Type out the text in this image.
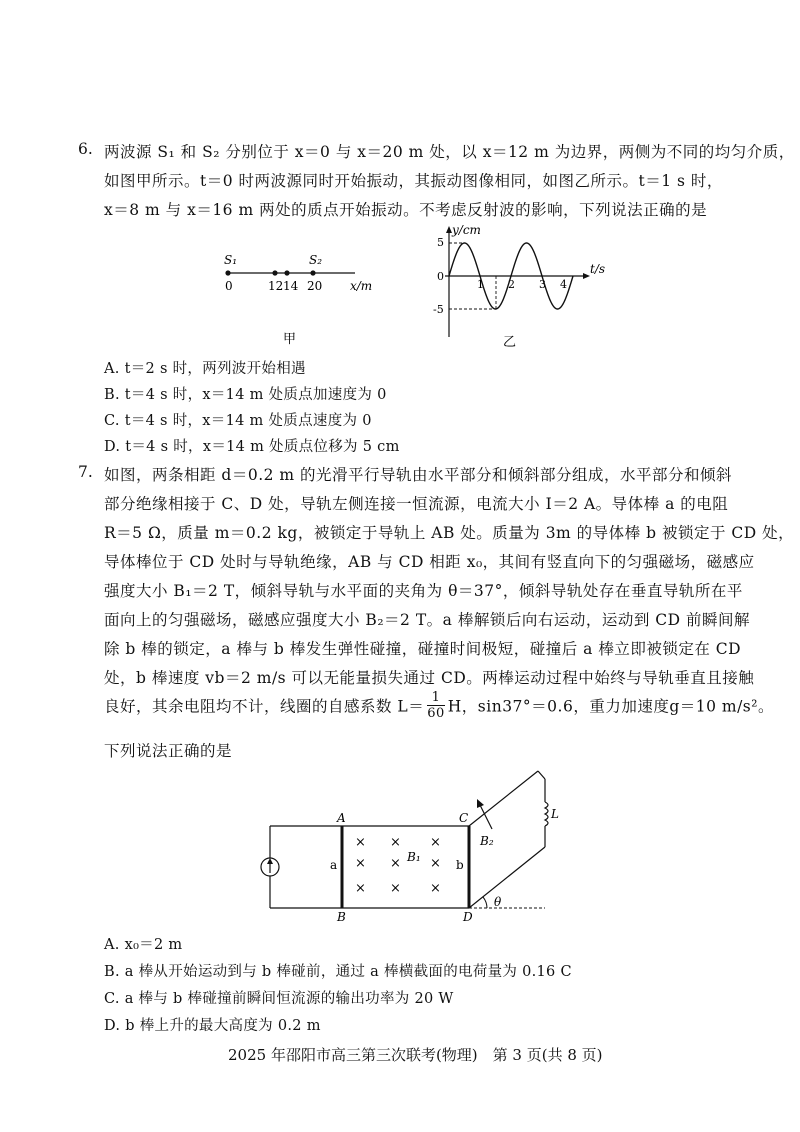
6. 两波源 S₁ 和 S₂ 分别位于 x＝0 与 x＝20 m 处，以 x＝12 m 为边界，两侧为不同的均匀介质，
如图甲所示。t＝0 时两波源同时开始振动，其振动图像相同，如图乙所示。t＝1 s 时，
x＝8 m 与 x＝16 m 两处的质点开始振动。不考虑反射波的影响，下列说法正确的是
S₁	S₂
0	12 14 20 x/m
甲
y/cm
t/s
5
0
-5
1 2 3 4
乙
A. t＝2 s 时，两列波开始相遇
B. t＝4 s 时，x＝14 m 处质点加速度为 0
C. t＝4 s 时，x＝14 m 处质点速度为 0
D. t＝4 s 时，x＝14 m 处质点位移为 5 cm
7. 如图，两条相距 d＝0.2 m 的光滑平行导轨由水平部分和倾斜部分组成，水平部分和倾斜
部分绝缘相接于 C、D 处，导轨左侧连接一恒流源，电流大小 I＝2 A。导体棒 a 的电阻
R＝5 Ω，质量 m＝0.2 kg，被锁定于导轨上 AB 处。质量为 3m 的导体棒 b 被锁定于 CD 处，
导体棒位于 CD 处时与导轨绝缘，AB 与 CD 相距 x₀，其间有竖直向下的匀强磁场，磁感应
强度大小 B₁＝2 T，倾斜导轨与水平面的夹角为 θ＝37°，倾斜导轨处存在垂直导轨所在平
面向上的匀强磁场，磁感应强度大小 B₂＝2 T。a 棒解锁后向右运动，运动到 CD 前瞬间解
除 b 棒的锁定，a 棒与 b 棒发生弹性碰撞，碰撞时间极短，碰撞后 a 棒立即被锁定在 CD
处，b 棒速度 vb＝2 m/s 可以无能量损失通过 CD。两棒运动过程中始终与导轨垂直且接触
良好，其余电阻均不计，线圈的自感系数 $L= \frac{1}{60}$ H，sin37°＝0.6，重力加速度g＝10 m/s²。
下列说法正确的是
A
B
a
C
D
b
× ×
× ×
× ×
×
×
×
B₁
L
B₂
θ
A. x₀＝2 m
B. a 棒从开始运动到与 b 棒碰前，通过 a 棒横截面的电荷量为 0.16 C
C. a 棒与 b 棒碰撞前瞬间恒流源的输出功率为 20 W
D. b 棒上升的最大高度为 0.2 m
2025 年邵阳市高三第三次联考(物理)　第 3 页(共 8 页)
